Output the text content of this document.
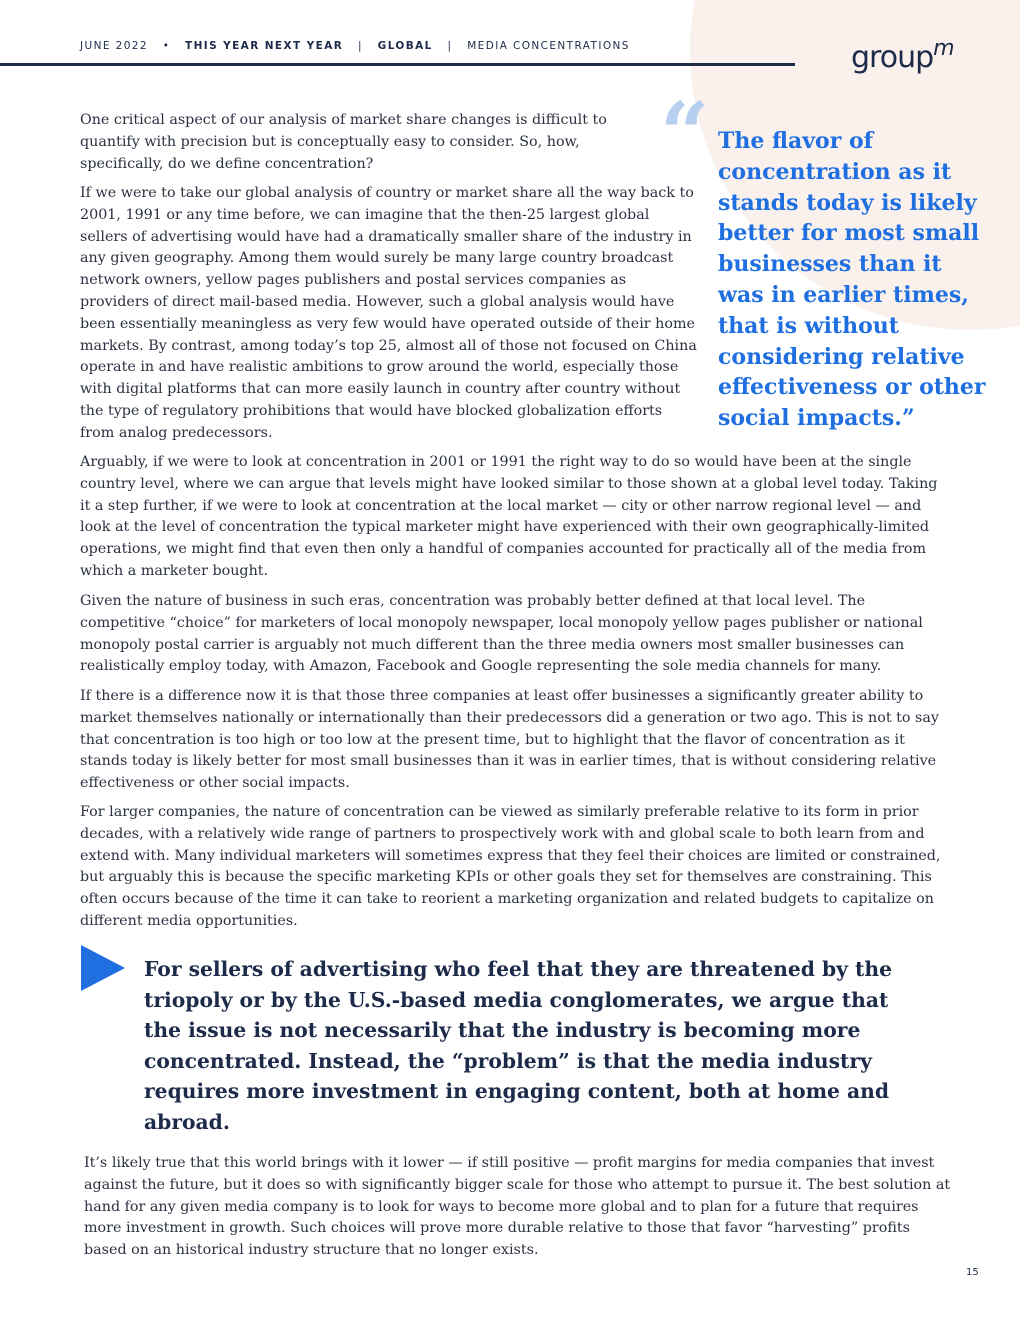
JUNE 2022 • THIS YEAR NEXT YEAR | GLOBAL | MEDIA CONCENTRATIONS	group$^m$

One critical aspect of our analysis of market share changes is difficult to quantify with precision but is conceptually easy to consider. So, how, specifically, do we define concentration?

If we were to take our global analysis of country or market share all the way back to 2001, 1991 or any time before, we can imagine that the then-25 largest global sellers of advertising would have had a dramatically smaller share of the industry in any given geography. Among them would surely be many large country broadcast network owners, yellow pages publishers and postal services companies as providers of direct mail-based media. However, such a global analysis would have been essentially meaningless as very few would have operated outside of their home markets. By contrast, among today’s top 25, almost all of those not focused on China operate in and have realistic ambitions to grow around the world, especially those with digital platforms that can more easily launch in country after country without the type of regulatory prohibitions that would have blocked globalization efforts from analog predecessors.

“ The flavor of concentration as it stands today is likely better for most small businesses than it was in earlier times, that is without considering relative effectiveness or other social impacts.”

Arguably, if we were to look at concentration in 2001 or 1991 the right way to do so would have been at the single country level, where we can argue that levels might have looked similar to those shown at a global level today. Taking it a step further, if we were to look at concentration at the local market — city or other narrow regional level — and look at the level of concentration the typical marketer might have experienced with their own geographically-limited operations, we might find that even then only a handful of companies accounted for practically all of the media from which a marketer bought.

Given the nature of business in such eras, concentration was probably better defined at that local level. The competitive “choice” for marketers of local monopoly newspaper, local monopoly yellow pages publisher or national monopoly postal carrier is arguably not much different than the three media owners most smaller businesses can realistically employ today, with Amazon, Facebook and Google representing the sole media channels for many.

If there is a difference now it is that those three companies at least offer businesses a significantly greater ability to market themselves nationally or internationally than their predecessors did a generation or two ago. This is not to say that concentration is too high or too low at the present time, but to highlight that the flavor of concentration as it stands today is likely better for most small businesses than it was in earlier times, that is without considering relative effectiveness or other social impacts.

For larger companies, the nature of concentration can be viewed as similarly preferable relative to its form in prior decades, with a relatively wide range of partners to prospectively work with and global scale to both learn from and extend with. Many individual marketers will sometimes express that they feel their choices are limited or constrained, but arguably this is because the specific marketing KPIs or other goals they set for themselves are constraining. This often occurs because of the time it can take to reorient a marketing organization and related budgets to capitalize on different media opportunities.

For sellers of advertising who feel that they are threatened by the triopoly or by the U.S.-based media conglomerates, we argue that the issue is not necessarily that the industry is becoming more concentrated. Instead, the “problem” is that the media industry requires more investment in engaging content, both at home and abroad.

It’s likely true that this world brings with it lower — if still positive — profit margins for media companies that invest against the future, but it does so with significantly bigger scale for those who attempt to pursue it. The best solution at hand for any given media company is to look for ways to become more global and to plan for a future that requires more investment in growth. Such choices will prove more durable relative to those that favor “harvesting” profits based on an historical industry structure that no longer exists.

15
